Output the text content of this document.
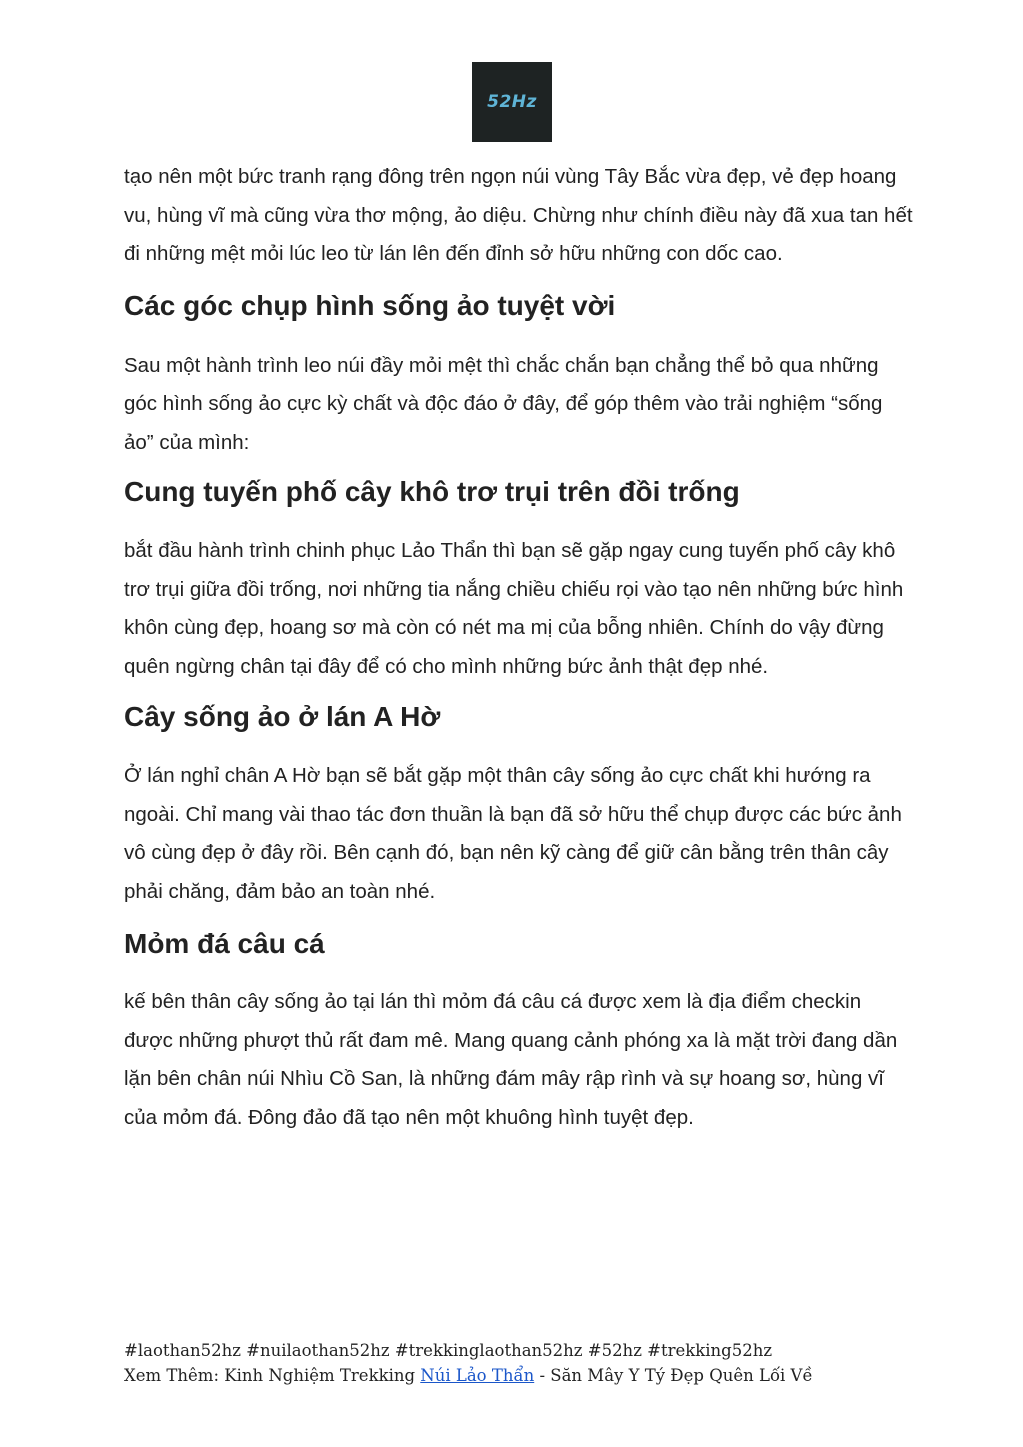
52Hz

tạo nên một bức tranh rạng đông trên ngọn núi vùng Tây Bắc vừa đẹp, vẻ đẹp hoang vu, hùng vĩ mà cũng vừa thơ mộng, ảo diệu. Chừng như chính điều này đã xua tan hết đi những mệt mỏi lúc leo từ lán lên đến đỉnh sở hữu những con dốc cao.

Các góc chụp hình sống ảo tuyệt vời

Sau một hành trình leo núi đầy mỏi mệt thì chắc chắn bạn chẳng thể bỏ qua những góc hình sống ảo cực kỳ chất và độc đáo ở đây, để góp thêm vào trải nghiệm “sống ảo” của mình:

Cung tuyến phố cây khô trơ trụi trên đồi trống

bắt đầu hành trình chinh phục Lảo Thẩn thì bạn sẽ gặp ngay cung tuyến phố cây khô trơ trụi giữa đồi trống, nơi những tia nắng chiều chiếu rọi vào tạo nên những bức hình khôn cùng đẹp, hoang sơ mà còn có nét ma mị của bỗng nhiên. Chính do vậy đừng quên ngừng chân tại đây để có cho mình những bức ảnh thật đẹp nhé.

Cây sống ảo ở lán A Hờ

Ở lán nghỉ chân A Hờ bạn sẽ bắt gặp một thân cây sống ảo cực chất khi hướng ra ngoài. Chỉ mang vài thao tác đơn thuần là bạn đã sở hữu thể chụp được các bức ảnh vô cùng đẹp ở đây rồi. Bên cạnh đó, bạn nên kỹ càng để giữ cân bằng trên thân cây phải chăng, đảm bảo an toàn nhé.

Mỏm đá câu cá

kế bên thân cây sống ảo tại lán thì mỏm đá câu cá được xem là địa điểm checkin được những phượt thủ rất đam mê. Mang quang cảnh phóng xa là mặt trời đang dần lặn bên chân núi Nhìu Cồ San, là những đám mây rập rình và sự hoang sơ, hùng vĩ của mỏm đá. Đông đảo đã tạo nên một khuông hình tuyệt đẹp.

#laothan52hz #nuilaothan52hz #trekkinglaothan52hz #52hz #trekking52hz
Xem Thêm: Kinh Nghiệm Trekking Núi Lảo Thẩn - Săn Mây Y Tý Đẹp Quên Lối Về
